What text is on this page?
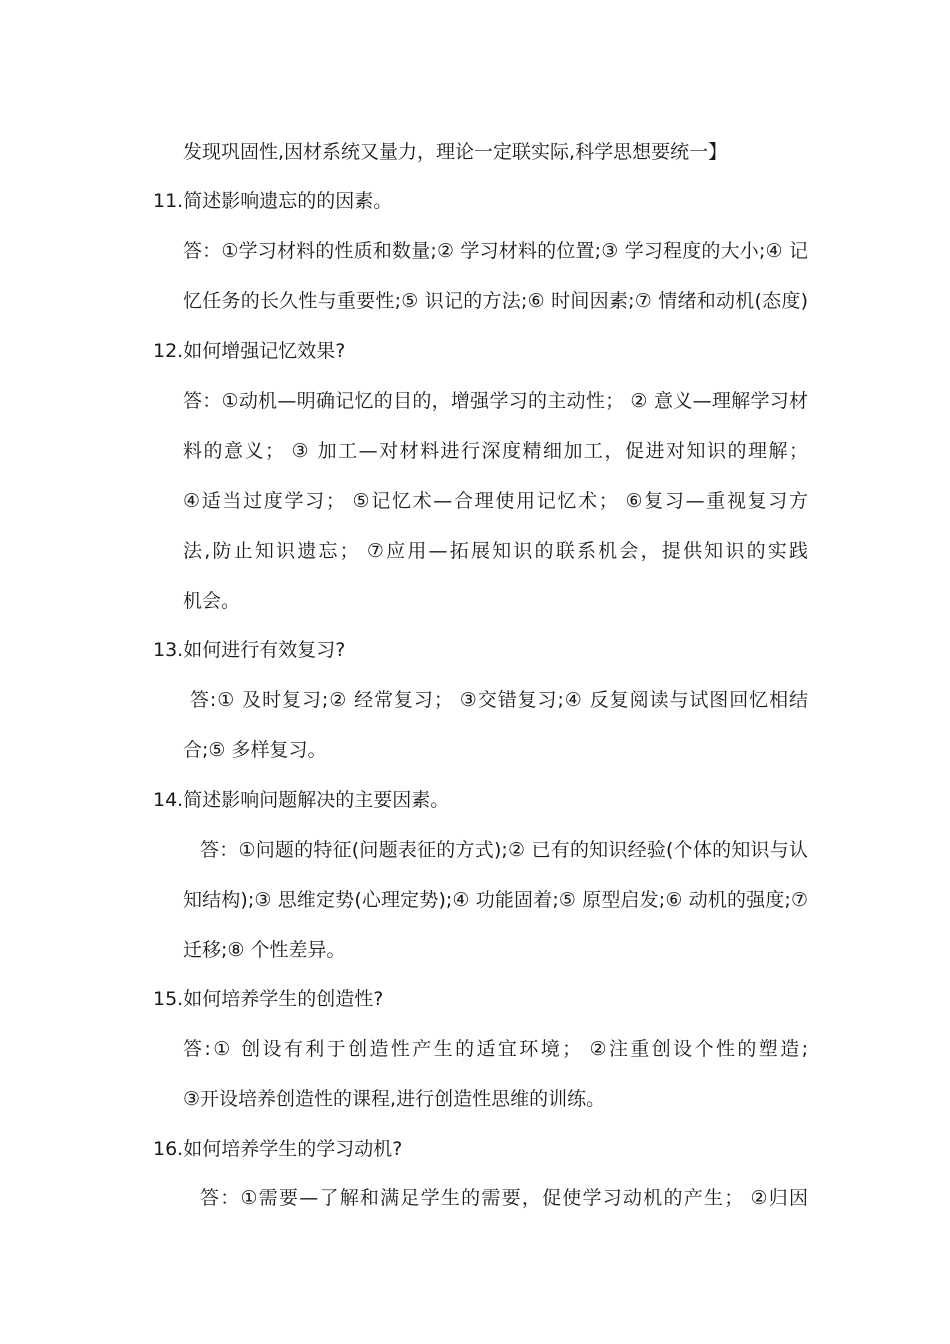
发现巩固性,因材系统又量力，理论一定联实际,科学思想要统一】

11.简述影响遗忘的的因素。

答：①学习材料的性质和数量;② 学习材料的位置;③ 学习程度的大小;④ 记

忆任务的长久性与重要性;⑤ 识记的方法;⑥ 时间因素;⑦ 情绪和动机(态度)

12.如何增强记忆效果?

答：①动机—明确记忆的目的，增强学习的主动性； ② 意义—理解学习材

料的意义； ③ 加工—对材料进行深度精细加工，促进对知识的理解；

④适当过度学习； ⑤记忆术—合理使用记忆术； ⑥复习—重视复习方

法,防止知识遗忘； ⑦应用—拓展知识的联系机会，提供知识的实践

机会。

13.如何进行有效复习?

答:① 及时复习;② 经常复习； ③交错复习;④ 反复阅读与试图回忆相结

合;⑤ 多样复习。

14.简述影响问题解决的主要因素。

答：①问题的特征(问题表征的方式);② 已有的知识经验(个体的知识与认

知结构);③ 思维定势(心理定势);④ 功能固着;⑤ 原型启发;⑥ 动机的强度;⑦

迁移;⑧ 个性差异。

15.如何培养学生的创造性?

答:① 创设有利于创造性产生的适宜环境； ②注重创设个性的塑造;

③开设培养创造性的课程,进行创造性思维的训练。

16.如何培养学生的学习动机?

答：①需要—了解和满足学生的需要，促使学习动机的产生； ②归因
